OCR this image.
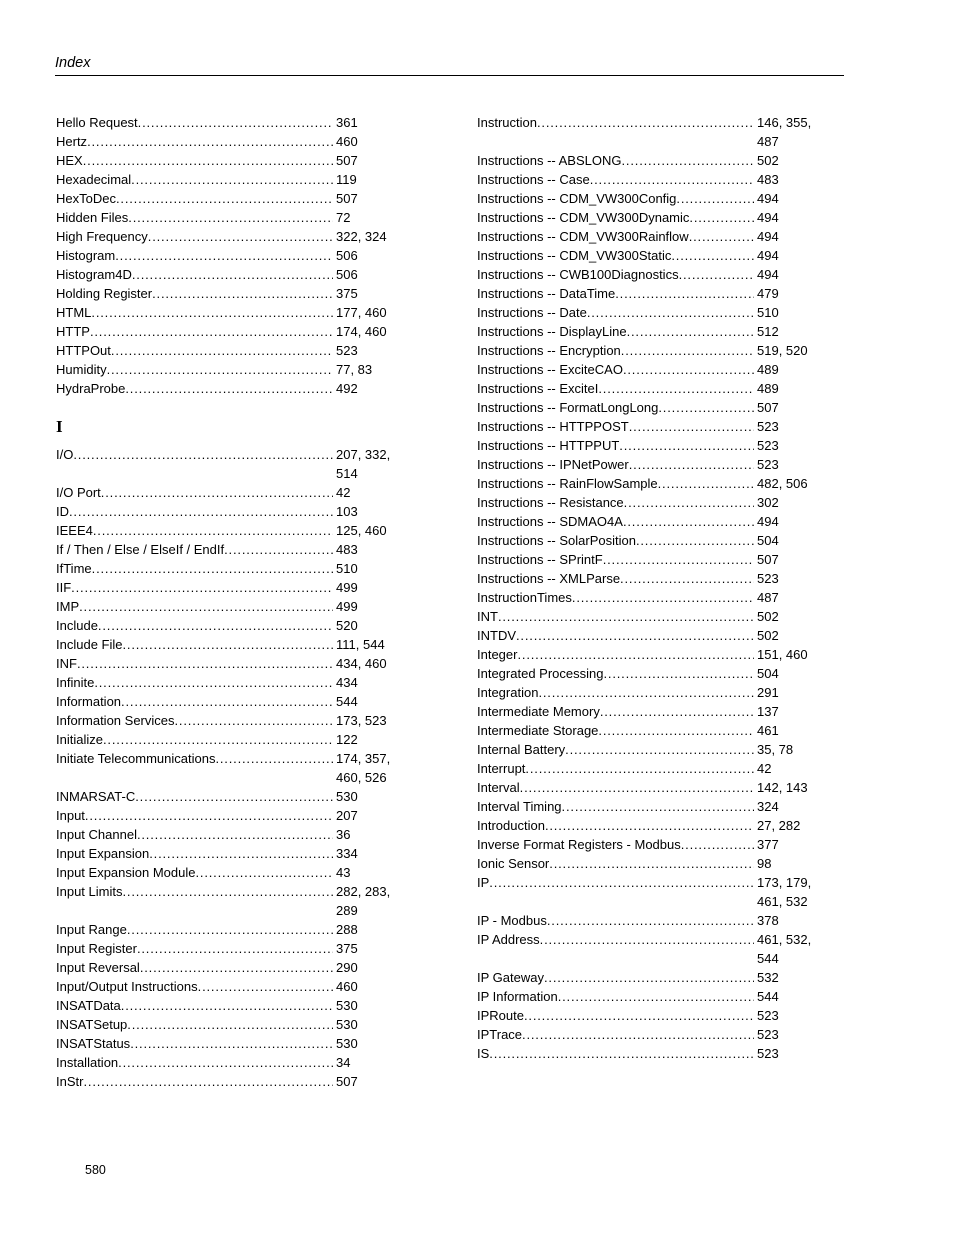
Index
Hello Request . . .	361
Hertz . . .	460
HEX . . .	507
Hexadecimal . . .	119
HexToDec . . .	507
Hidden Files . . .	72
High Frequency . . .	322, 324
Histogram . . .	506
Histogram4D . . .	506
Holding Register . . .	375
HTML . . .	177, 460
HTTP . . .	174, 460
HTTPOut . . .	523
Humidity . . .	77, 83
HydraProbe . . .	492
I
I/O . . .	207, 332, 514
I/O Port . . .	42
ID . . .	103
IEEE4 . . .	125, 460
If / Then / Else / ElseIf / EndIf . . .	483
IfTime . . .	510
IIF . . .	499
IMP . . .	499
Include . . .	520
Include File . . .	111, 544
INF . . .	434, 460
Infinite . . .	434
Information . . .	544
Information Services . . .	173, 523
Initialize . . .	122
Initiate Telecommunications . . .	174, 357, 460, 526
INMARSAT-C . . .	530
Input . . .	207
Input Channel . . .	36
Input Expansion . . .	334
Input Expansion Module . . .	43
Input Limits . . .	282, 283, 289
Input Range . . .	288
Input Register . . .	375
Input Reversal . . .	290
Input/Output Instructions . . .	460
INSATData . . .	530
INSATSetup . . .	530
INSATStatus . . .	530
Installation . . .	34
InStr . . .	507
Instruction . . .	146, 355, 487
Instructions -- ABSLONG . . .	502
Instructions -- Case . . .	483
Instructions -- CDM_VW300Config . . .	494
Instructions -- CDM_VW300Dynamic . . .	494
Instructions -- CDM_VW300Rainflow . . .	494
Instructions -- CDM_VW300Static . . .	494
Instructions -- CWB100Diagnostics . . .	494
Instructions -- DataTime . . .	479
Instructions -- Date . . .	510
Instructions -- DisplayLine . . .	512
Instructions -- Encryption . . .	519, 520
Instructions -- ExciteCAO . . .	489
Instructions -- ExciteI . . .	489
Instructions -- FormatLongLong . . .	507
Instructions -- HTTPPOST . . .	523
Instructions -- HTTPPUT . . .	523
Instructions -- IPNetPower . . .	523
Instructions -- RainFlowSample . . .	482, 506
Instructions -- Resistance . . .	302
Instructions -- SDMAO4A . . .	494
Instructions -- SolarPosition . . .	504
Instructions -- SPrintF . . .	507
Instructions -- XMLParse . . .	523
InstructionTimes . . .	487
INT . . .	502
INTDV . . .	502
Integer . . .	151, 460
Integrated Processing . . .	504
Integration . . .	291
Intermediate Memory . . .	137
Intermediate Storage . . .	461
Internal Battery . . .	35, 78
Interrupt . . .	42
Interval . . .	142, 143
Interval Timing . . .	324
Introduction . . .	27, 282
Inverse Format Registers - Modbus . . .	377
Ionic Sensor . . .	98
IP . . .	173, 179, 461, 532
IP - Modbus . . .	378
IP Address . . .	461, 532, 544
IP Gateway . . .	532
IP Information . . .	544
IPRoute . . .	523
IPTrace . . .	523
IS . . .	523
580
